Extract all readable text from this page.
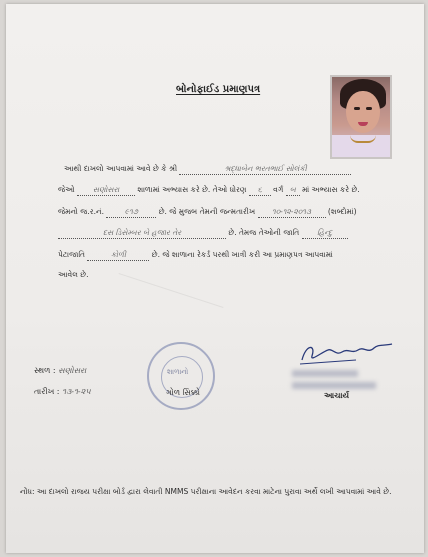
બોનોફાઈડ પ્રમાણપત્ર
આથી દાખલો આપવામાં આવે છે કે શ્રી	શ્રદ્ધાબેન ભરતભાઈ સોલંકી
જેઓ સણોસરા શાળામાં અભ્યાસ કરે છે. તેઓ ધોરણ ૬ વર્ગ બ માં અભ્યાસ કરે છે.
જેમનો જ.ર.નં.	૯૧૭	છે. જે મુજબ તેમની જન્મતારીખ ૧૦-૧૨-૨૦૧૩ (શબ્દોમાં)
દસ ડિસેમ્બર બે હજાર તેર	છે. તેમજ તેઓની જાતિ હિન્દુ
પેટાજાતિ	કોળી	છે. જે શાળાના રેકર્ડ પરથી ખાત્રી કરી આ પ્રમાણપત્ર આપવામાં
આવેલ છે.
સ્થળ : સણોસરા
તારીખ : ૧૩-૧-૨૫
શાળાનો
ગોળ સિક્કો	આચાર્ય
નોંધ: આ દાખલો રાજય પરીક્ષા બોર્ડ દ્વારા લેવાતી NMMS પરીક્ષાના આવેદન કરવા માટેના પુરાવા અર્થે લખી આપવામાં આવે છે.
